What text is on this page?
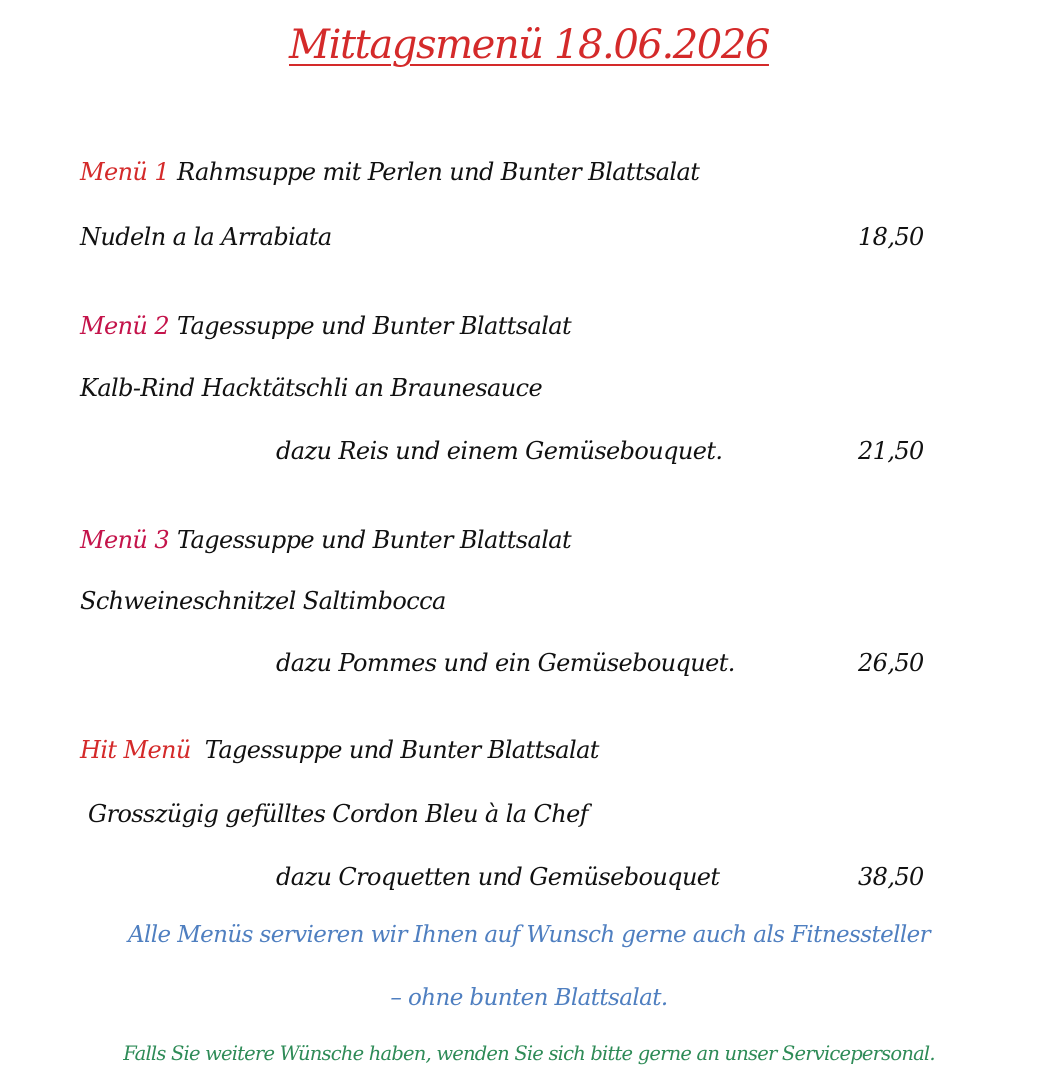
Mittagsmenü 18.06.2026
Menü 1 Rahmsuppe mit Perlen und Bunter Blattsalat
Nudeln a la Arrabiata	18,50
Menü 2 Tagessuppe und Bunter Blattsalat
Kalb-Rind Hacktätschli an Braunesauce
dazu Reis und einem Gemüsebouquet.	21,50
Menü 3 Tagessuppe und Bunter Blattsalat
Schweineschnitzel Saltimbocca
dazu Pommes und ein Gemüsebouquet.	26,50
Hit Menü Tagessuppe und Bunter Blattsalat
Grosszügig gefülltes Cordon Bleu à la Chef
dazu Croquetten und Gemüsebouquet	38,50
Alle Menüs servieren wir Ihnen auf Wunsch gerne auch als Fitnessteller
– ohne bunten Blattsalat.
Falls Sie weitere Wünsche haben, wenden Sie sich bitte gerne an unser Servicepersonal.
